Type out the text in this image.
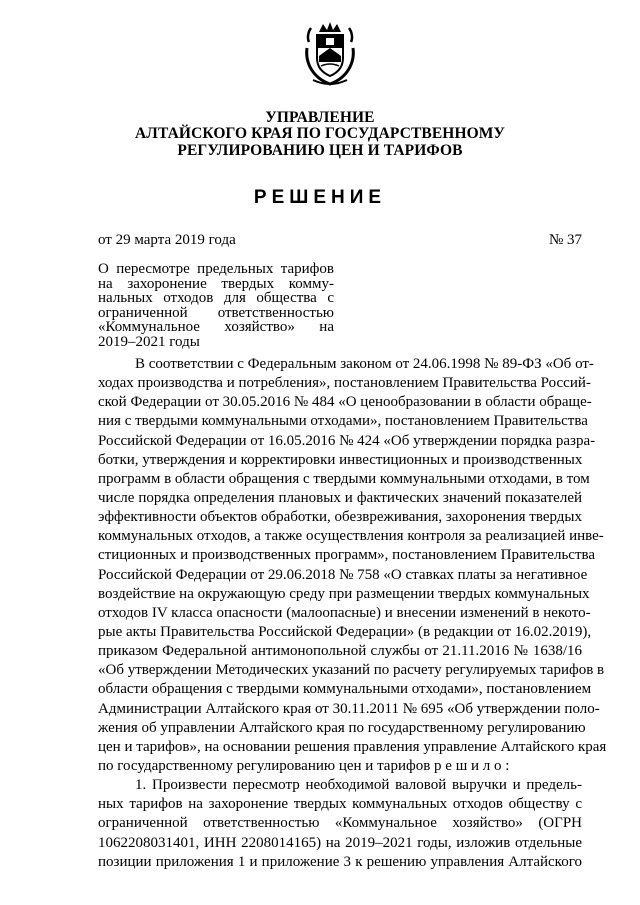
УПРАВЛЕНИЕ
АЛТАЙСКОГО КРАЯ ПО ГОСУДАРСТВЕННОМУ
РЕГУЛИРОВАНИЮ ЦЕН И ТАРИФОВ
РЕШЕНИЕ
от 29 марта 2019 года	№ 37
О пересмотре предельных тарифов
на захоронение твердых комму-
нальных отходов для общества с
ограниченной ответственностью
«Коммунальное хозяйство» на
2019–2021 годы
В соответствии с Федеральным законом от 24.06.1998 № 89-ФЗ «Об от-
ходах производства и потребления», постановлением Правительства Россий-
ской Федерации от 30.05.2016 № 484 «О ценообразовании в области обраще-
ния с твердыми коммунальными отходами», постановлением Правительства
Российской Федерации от 16.05.2016 № 424 «Об утверждении порядка разра-
ботки, утверждения и корректировки инвестиционных и производственных
программ в области обращения с твердыми коммунальными отходами, в том
числе порядка определения плановых и фактических значений показателей
эффективности объектов обработки, обезвреживания, захоронения твердых
коммунальных отходов, а также осуществления контроля за реализацией инве-
стиционных и производственных программ», постановлением Правительства
Российской Федерации от 29.06.2018 № 758 «О ставках платы за негативное
воздействие на окружающую среду при размещении твердых коммунальных
отходов IV класса опасности (малоопасные) и внесении изменений в некото-
рые акты Правительства Российской Федерации» (в редакции от 16.02.2019),
приказом Федеральной антимонопольной службы от 21.11.2016 № 1638/16
«Об утверждении Методических указаний по расчету регулируемых тарифов в
области обращения с твердыми коммунальными отходами», постановлением
Администрации Алтайского края от 30.11.2011 № 695 «Об утверждении поло-
жения об управлении Алтайского края по государственному регулированию
цен и тарифов», на основании решения правления управление Алтайского края
по государственному регулированию цен и тарифов р е ш и л о :
1. Произвести пересмотр необходимой валовой выручки и предель-
ных тарифов на захоронение твердых коммунальных отходов обществу с
ограниченной ответственностью «Коммунальное хозяйство» (ОГРН
1062208031401, ИНН 2208014165) на 2019–2021 годы, изложив отдельные
позиции приложения 1 и приложение 3 к решению управления Алтайского
